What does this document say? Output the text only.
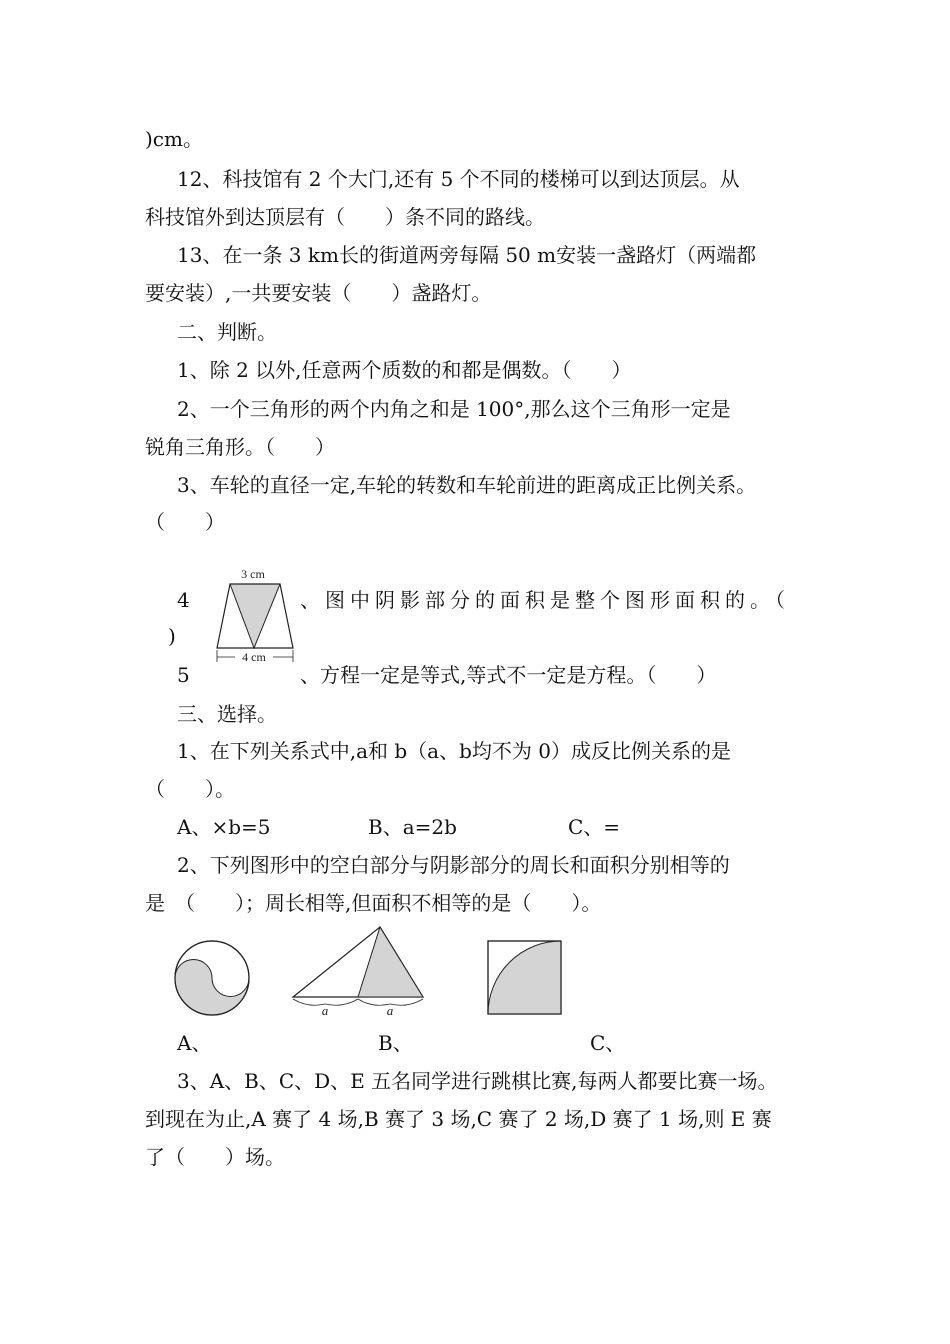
)cm。
12、科技馆有 2 个大门,还有 5 个不同的楼梯可以到达顶层。从
科技馆外到达顶层有（　　）条不同的路线。
13、在一条 3 km长的街道两旁每隔 50 m安装一盏路灯（两端都
要安装）,一共要安装（　　）盏路灯。
二、判断。
1、除 2 以外,任意两个质数的和都是偶数。（　　）
2、一个三角形的两个内角之和是 100°,那么这个三角形一定是
锐角三角形。（　　）
3、车轮的直径一定,车轮的转数和车轮前进的距离成正比例关系。
（　　）
4	、图中阴影部分的面积是整个图形面积的。（
)
5	、方程一定是等式,等式不一定是方程。（　　）
三、选择。
1、在下列关系式中,a和 b（a、b均不为 0）成反比例关系的是
（　　）。
A、×b=5	B、a=2b	C、=
2、下列图形中的空白部分与阴影部分的周长和面积分别相等的
是　（　　）；周长相等,但面积不相等的是（　　）。
A、	B、	C、
3、A、B、C、D、E 五名同学进行跳棋比赛,每两人都要比赛一场。
到现在为止,A 赛了 4 场,B 赛了 3 场,C 赛了 2 场,D 赛了 1 场,则 E 赛
了（　　）场。
3 cm
4 cm
a	a
